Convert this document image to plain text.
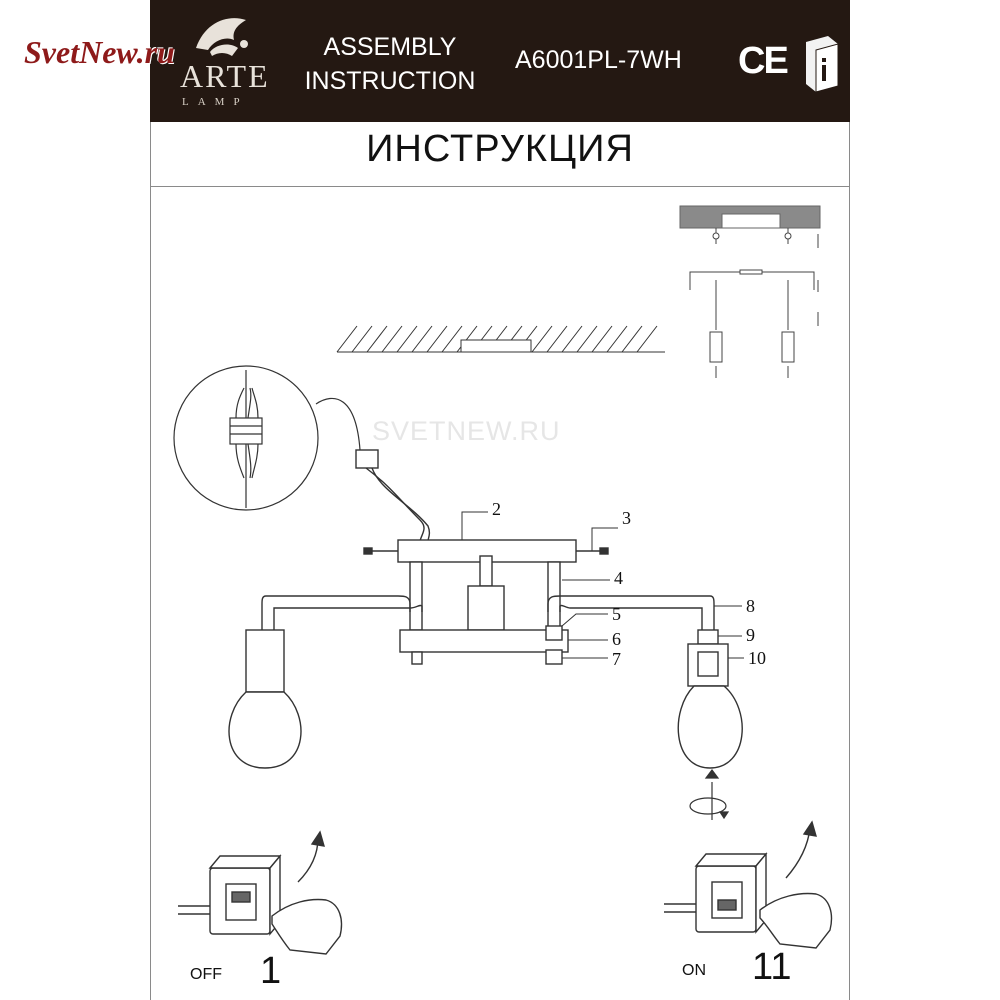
SvetNew.ru
ARTE
LAMP
ASSEMBLY INSTRUCTION
A6001PL-7WH CE
ИНСТРУКЦИЯ
SVETNEW.RU
2	3
4
5
6
7
8
9
10
OFF 1	ON 11
